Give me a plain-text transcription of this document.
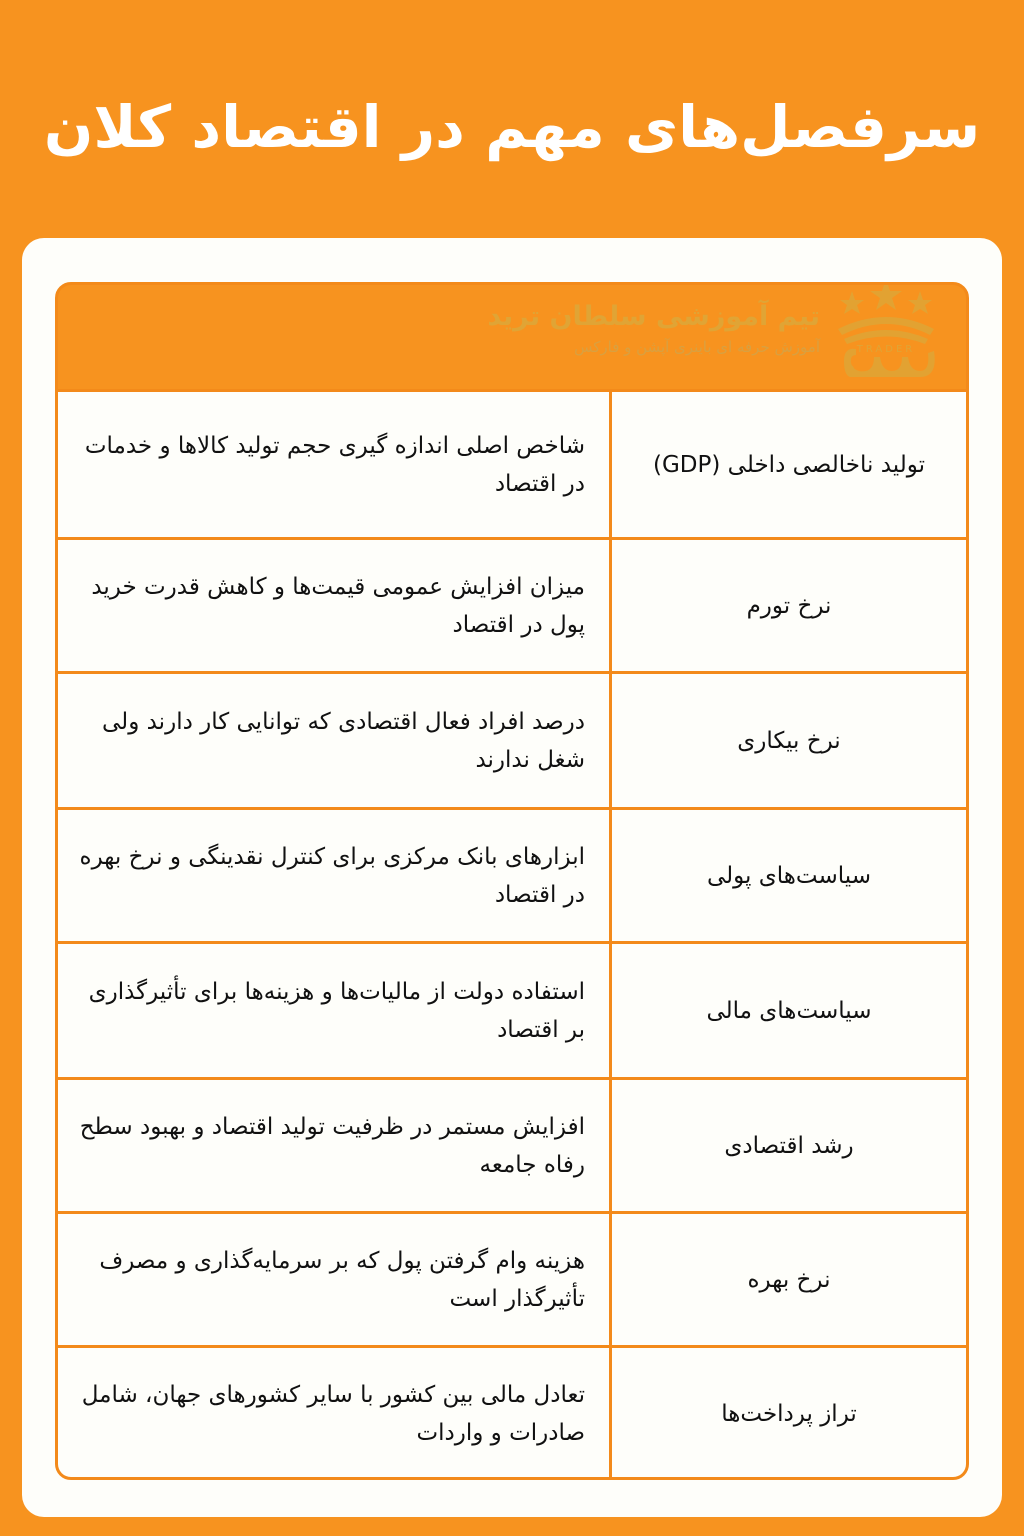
سرفصل‌های مهم در اقتصاد کلان
TRADER
تیم آموزشی سلطان ترید
آموزش حرفه ای باینری آپشن و فارکس
تولید ناخالصی داخلی (GDP)
شاخص اصلی اندازه گیری حجم تولید کالاها و خدمات در اقتصاد
نرخ تورم
میزان افزایش عمومی قیمت‌ها و کاهش قدرت خرید پول در اقتصاد
نرخ بیکاری
درصد افراد فعال اقتصادی که توانایی کار دارند ولی شغل ندارند
سیاست‌های پولی
ابزارهای بانک مرکزی برای کنترل نقدینگی و نرخ بهره در اقتصاد
سیاست‌های مالی
استفاده دولت از مالیات‌ها و هزینه‌ها برای تأثیرگذاری بر اقتصاد
رشد اقتصادی
افزایش مستمر در ظرفیت تولید اقتصاد و بهبود سطح رفاه جامعه
نرخ بهره
هزینه وام گرفتن پول که بر سرمایه‌گذاری و مصرف تأثیرگذار است
تراز پرداخت‌ها
تعادل مالی بین کشور با سایر کشورهای جهان، شامل صادرات و واردات
